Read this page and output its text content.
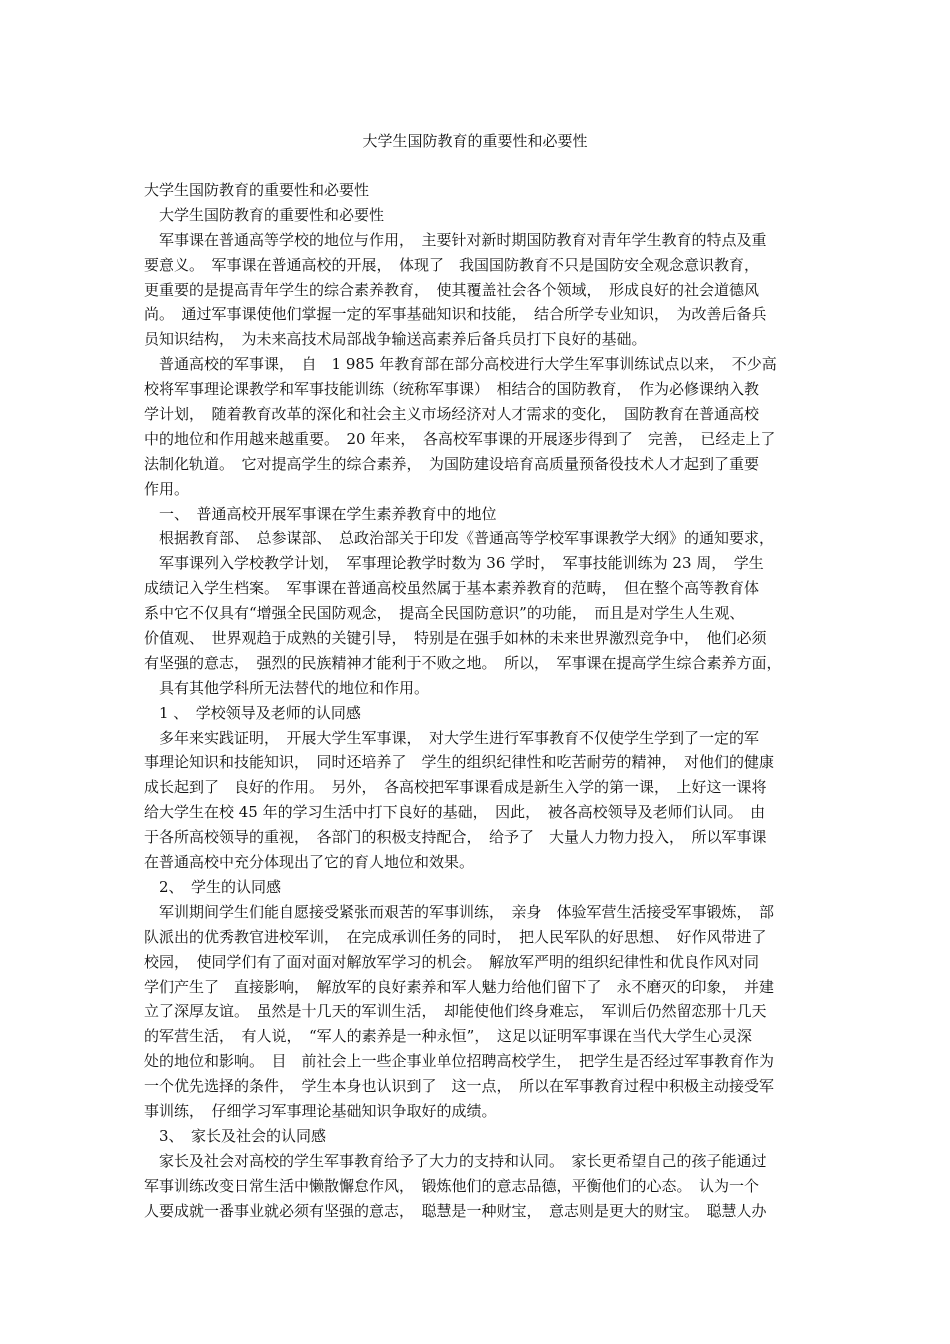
大学生国防教育的重要性和必要性
大学生国防教育的重要性和必要性
　大学生国防教育的重要性和必要性
　军事课在普通高等学校的地位与作用，　主要针对新时期国防教育对青年学生教育的特点及重
要意义。　军事课在普通高校的开展，　体现了　我国国防教育不只是国防安全观念意识教育，
更重要的是提高青年学生的综合素养教育，　使其覆盖社会各个领域，　形成良好的社会道德风
尚。　通过军事课使他们掌握一定的军事基础知识和技能，　结合所学专业知识，　为改善后备兵
员知识结构，　为未来高技术局部战争输送高素养后备兵员打下良好的基础。
　普通高校的军事课，　自　1 985 年教育部在部分高校进行大学生军事训练试点以来，　不少高
校将军事理论课教学和军事技能训练（统称军事课）　相结合的国防教育，　作为必修课纳入教
学计划，　随着教育改革的深化和社会主义市场经济对人才需求的变化，　国防教育在普通高校
中的地位和作用越来越重要。　20 年来，　各高校军事课的开展逐步得到了　完善，　已经走上了
法制化轨道。　它对提高学生的综合素养，　为国防建设培育高质量预备役技术人才起到了重要
作用。
　一、　普通高校开展军事课在学生素养教育中的地位
　根据教育部、　总参谋部、　总政治部关于印发《普通高等学校军事课教学大纲》的通知要求，
　军事课列入学校教学计划，　军事理论教学时数为 36 学时，　军事技能训练为 23 周，　学生
成绩记入学生档案。　军事课在普通高校虽然属于基本素养教育的范畴，　但在整个高等教育体
系中它不仅具有“增强全民国防观念，　提高全民国防意识”的功能，　而且是对学生人生观、
价值观、　世界观趋于成熟的关键引导，　特别是在强手如林的未来世界激烈竞争中，　他们必须
有坚强的意志，　强烈的民族精神才能利于不败之地。　所以，　军事课在提高学生综合素养方面，
　具有其他学科所无法替代的地位和作用。
　1 、　学校领导及老师的认同感
　多年来实践证明，　开展大学生军事课，　对大学生进行军事教育不仅使学生学到了一定的军
事理论知识和技能知识，　同时还培养了　学生的组织纪律性和吃苦耐劳的精神，　对他们的健康
成长起到了　良好的作用。　另外，　各高校把军事课看成是新生入学的第一课，　上好这一课将
给大学生在校 45 年的学习生活中打下良好的基础，　因此，　被各高校领导及老师们认同。　由
于各所高校领导的重视，　各部门的积极支持配合，　给予了　大量人力物力投入，　所以军事课
在普通高校中充分体现出了它的育人地位和效果。
　2、　学生的认同感
　军训期间学生们能自愿接受紧张而艰苦的军事训练，　亲身　体验军营生活接受军事锻炼，　部
队派出的优秀教官进校军训，　在完成承训任务的同时，　把人民军队的好思想、　好作风带进了
校园，　使同学们有了面对面对解放军学习的机会。　解放军严明的组织纪律性和优良作风对同
学们产生了　直接影响，　解放军的良好素养和军人魅力给他们留下了　永不磨灭的印象，　并建
立了深厚友谊。　虽然是十几天的军训生活，　却能使他们终身难忘，　军训后仍然留恋那十几天
的军营生活，　有人说，　“军人的素养是一种永恒”，　这足以证明军事课在当代大学生心灵深
处的地位和影响。　目　前社会上一些企事业单位招聘高校学生，　把学生是否经过军事教育作为
一个优先选择的条件，　学生本身也认识到了　这一点，　所以在军事教育过程中积极主动接受军
事训练，　仔细学习军事理论基础知识争取好的成绩。
　3、　家长及社会的认同感
　家长及社会对高校的学生军事教育给予了大力的支持和认同。　家长更希望自己的孩子能通过
军事训练改变日常生活中懒散懈怠作风，　锻炼他们的意志品德，平衡他们的心态。　认为一个
人要成就一番事业就必须有坚强的意志，　聪慧是一种财宝，　意志则是更大的财宝。　聪慧人办
